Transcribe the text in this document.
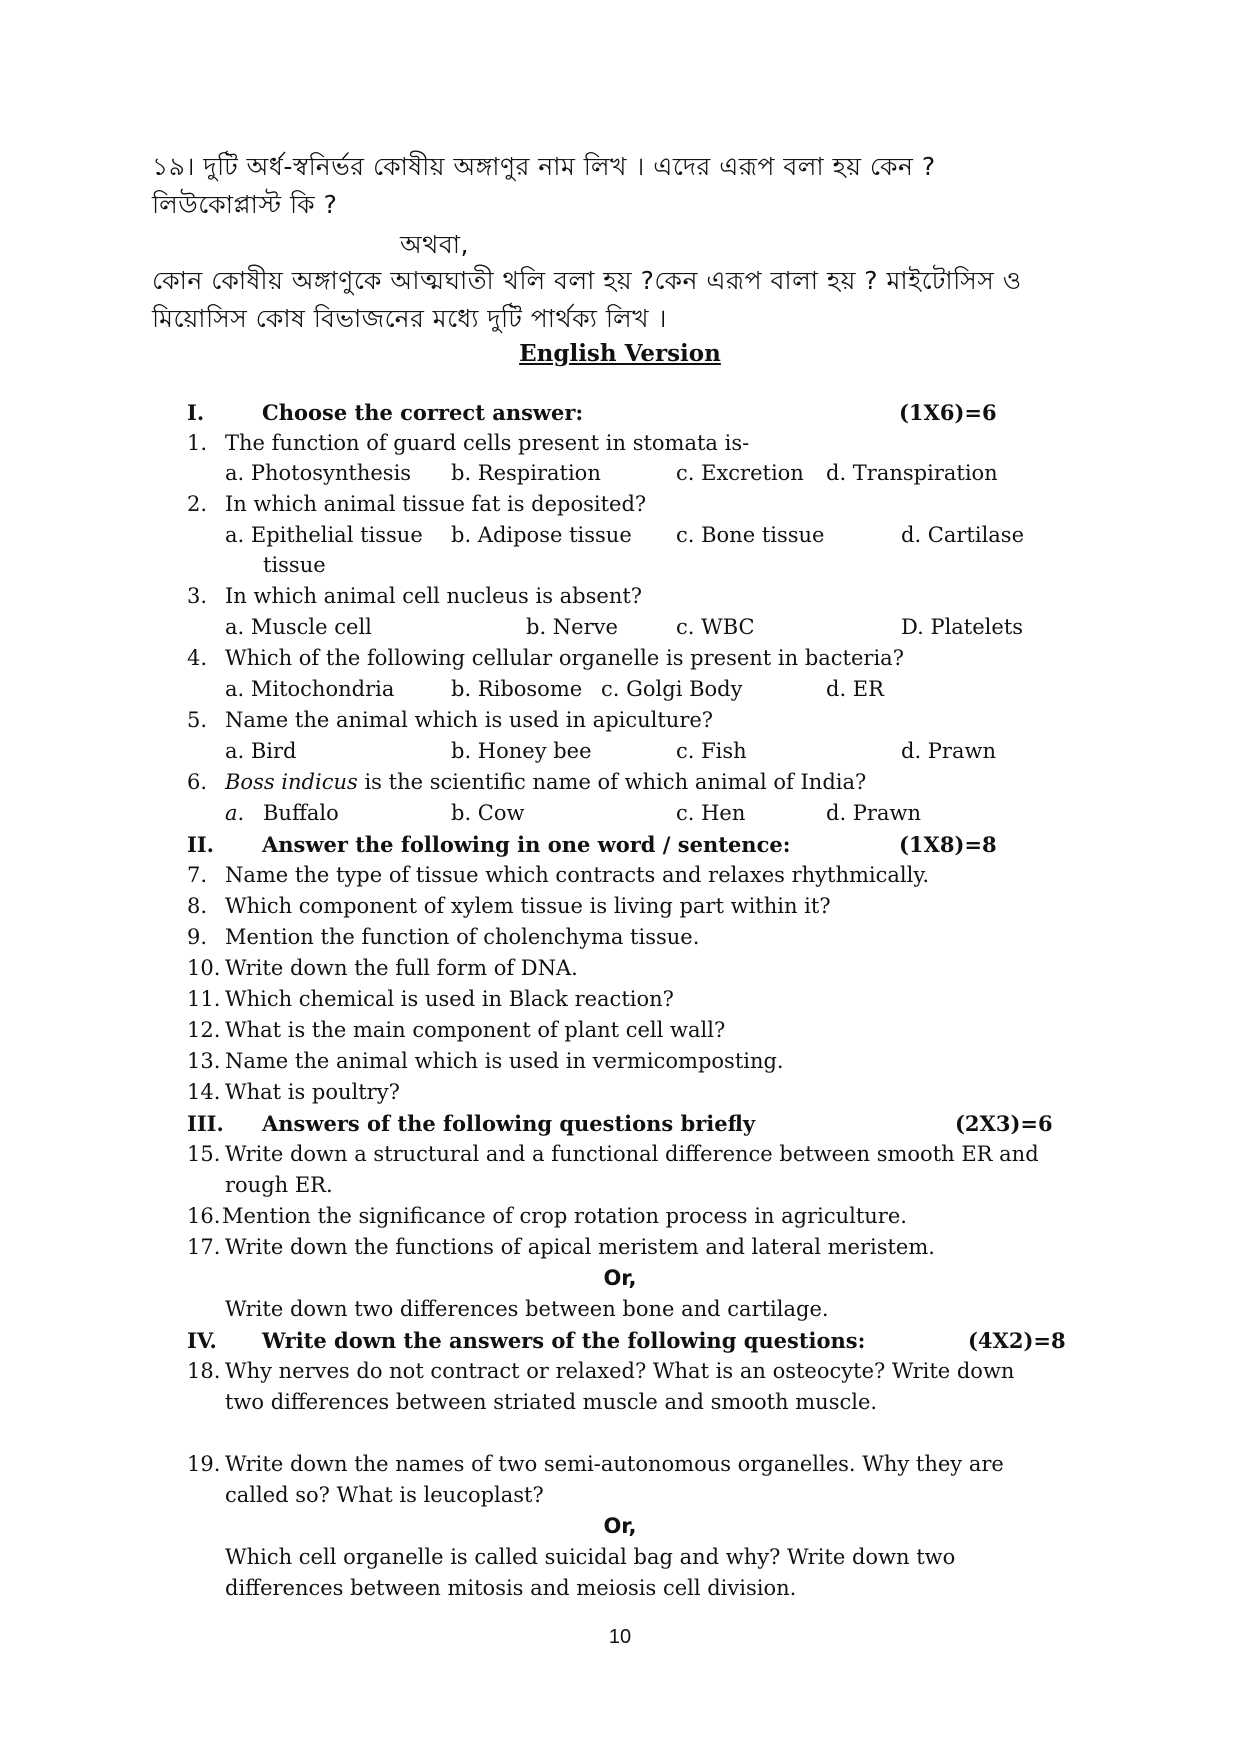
১৯। দুটি অর্ধ-স্বনির্ভর কোষীয় অঙ্গাণুর নাম লিখ । এদের এরূপ বলা হয় কেন ?
লিউকোপ্লাস্ট কি ?
অথবা,
কোন কোষীয় অঙ্গাণুকে আত্মঘাতী থলি বলা হয় ?কেন এরূপ বালা হয় ? মাইটোসিস ও
মিয়োসিস কোষ বিভাজনের মধ্যে দুটি পার্থক্য লিখ ।
English Version
I.	Choose the correct answer:	(1X6)=6
1. The function of guard cells present in stomata is-
a. Photosynthesis b. Respiration	c. Excretion d. Transpiration
2. In which animal tissue fat is deposited?
a. Epithelial tissue b. Adipose tissue c. Bone tissue	d. Cartilase
tissue
3. In which animal cell nucleus is absent?
a. Muscle cell	b. Nerve	c. WBC	D. Platelets
4. Which of the following cellular organelle is present in bacteria?
a. Mitochondria	b. Ribosome c. Golgi Body	d. ER
5. Name the animal which is used in apiculture?
a. Bird	b. Honey bee	c. Fish	d. Prawn
6. Boss indicus is the scientific name of which animal of India?
a. Buffalo	b. Cow	c. Hen	d. Prawn
II. Answer the following in one word / sentence:	(1X8)=8
7. Name the type of tissue which contracts and relaxes rhythmically.
8. Which component of xylem tissue is living part within it?
9. Mention the function of cholenchyma tissue.
10. Write down the full form of DNA.
11. Which chemical is used in Black reaction?
12. What is the main component of plant cell wall?
13. Name the animal which is used in vermicomposting.
14. What is poultry?
III. Answers of the following questions briefly	(2X3)=6
15. Write down a structural and a functional difference between smooth ER and
rough ER.
16. Mention the significance of crop rotation process in agriculture.
17. Write down the functions of apical meristem and lateral meristem.
Or,
Write down two differences between bone and cartilage.
IV. Write down the answers of the following questions:	(4X2)=8
18. Why nerves do not contract or relaxed? What is an osteocyte? Write down
two differences between striated muscle and smooth muscle.
19. Write down the names of two semi-autonomous organelles. Why they are
called so? What is leucoplast?
Or,
Which cell organelle is called suicidal bag and why? Write down two
differences between mitosis and meiosis cell division.
10
